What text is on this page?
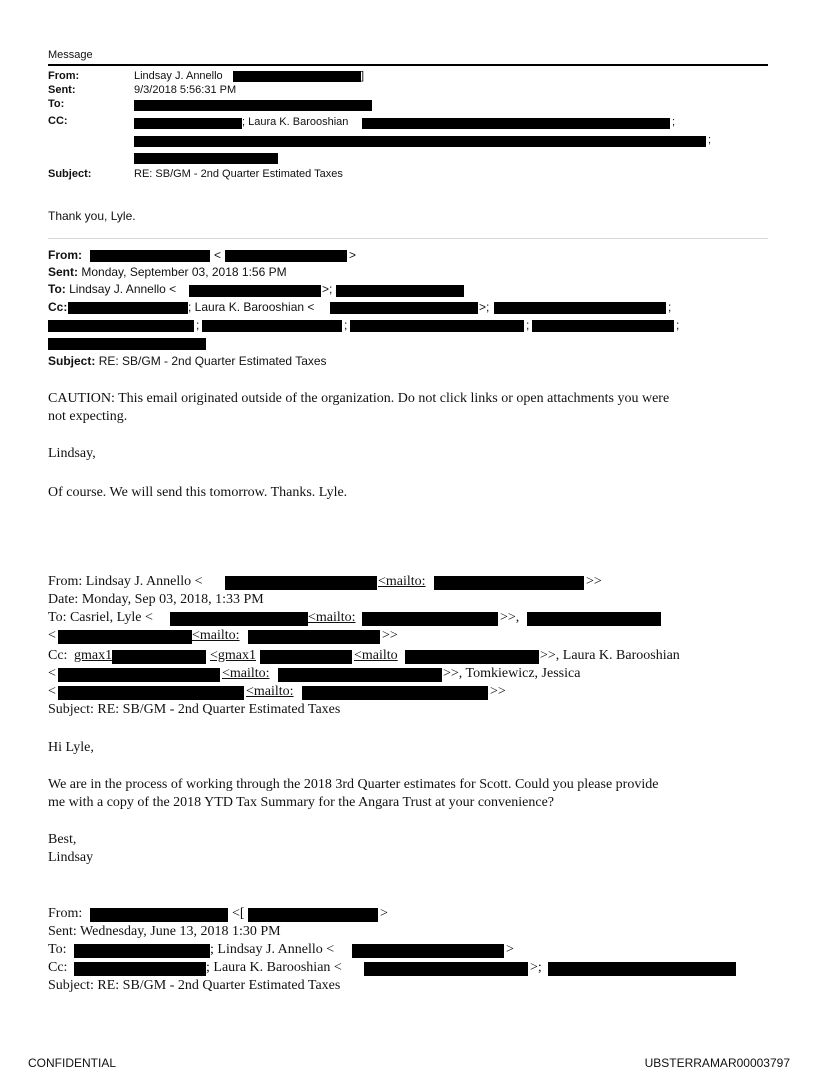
Message
From:	Lindsay J. Annello	]
Sent:	9/3/2018 5:56:31 PM
To:
CC:	; Laura K. Barooshian	;
;
Subject:	RE: SB/GM - 2nd Quarter Estimated Taxes
Thank you, Lyle.
From:	<	>
Sent: Monday, September 03, 2018 1:56 PM
To: Lindsay J. Annello <	>;
Cc:	; Laura K. Barooshian <	>;	;
;	;	;	;
Subject: RE: SB/GM - 2nd Quarter Estimated Taxes
CAUTION: This email originated outside of the organization. Do not click links or open attachments you were
not expecting.
Lindsay,
Of course. We will send this tomorrow. Thanks. Lyle.
From: Lindsay J. Annello <	<mailto:	>>
Date: Monday, Sep 03, 2018, 1:33 PM
To: Casriel, Lyle <	<mailto:	>>,
<	<mailto:	>>
Cc: gmax1	<gmax1	<mailto	>>, Laura K. Barooshian
<	<mailto:	>>, Tomkiewicz, Jessica
<	<mailto:	>>
Subject: RE: SB/GM - 2nd Quarter Estimated Taxes
Hi Lyle,
We are in the process of working through the 2018 3rd Quarter estimates for Scott. Could you please provide
me with a copy of the 2018 YTD Tax Summary for the Angara Trust at your convenience?
Best,
Lindsay
From:	<[	>
Sent: Wednesday, June 13, 2018 1:30 PM
To:	; Lindsay J. Annello <	>
Cc:	; Laura K. Barooshian <	>;
Subject: RE: SB/GM - 2nd Quarter Estimated Taxes
CONFIDENTIAL	UBSTERRAMAR00003797
